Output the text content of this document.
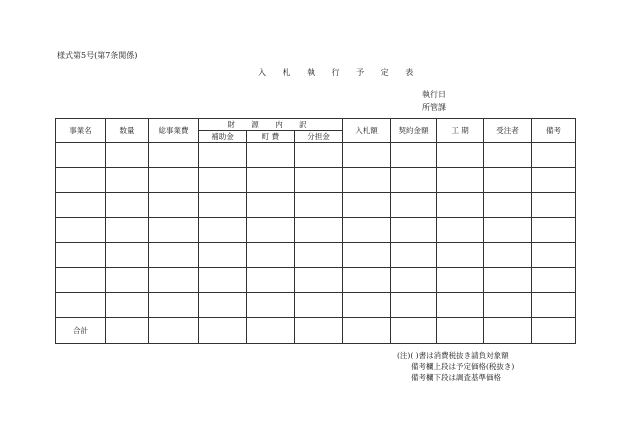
様式第5号(第7条関係)
入 札 執 行 予 定 表
執行日
所管課
事業名	数量	総事業費	財 源 内 訳			入札額	契約金額	工 期	受注者	備考
			補助金	町 費	分担金					

合計										
(注)( )書は消費税抜き請負対象額
備考欄上段は予定価格(税抜き)
備考欄下段は調査基準価格
